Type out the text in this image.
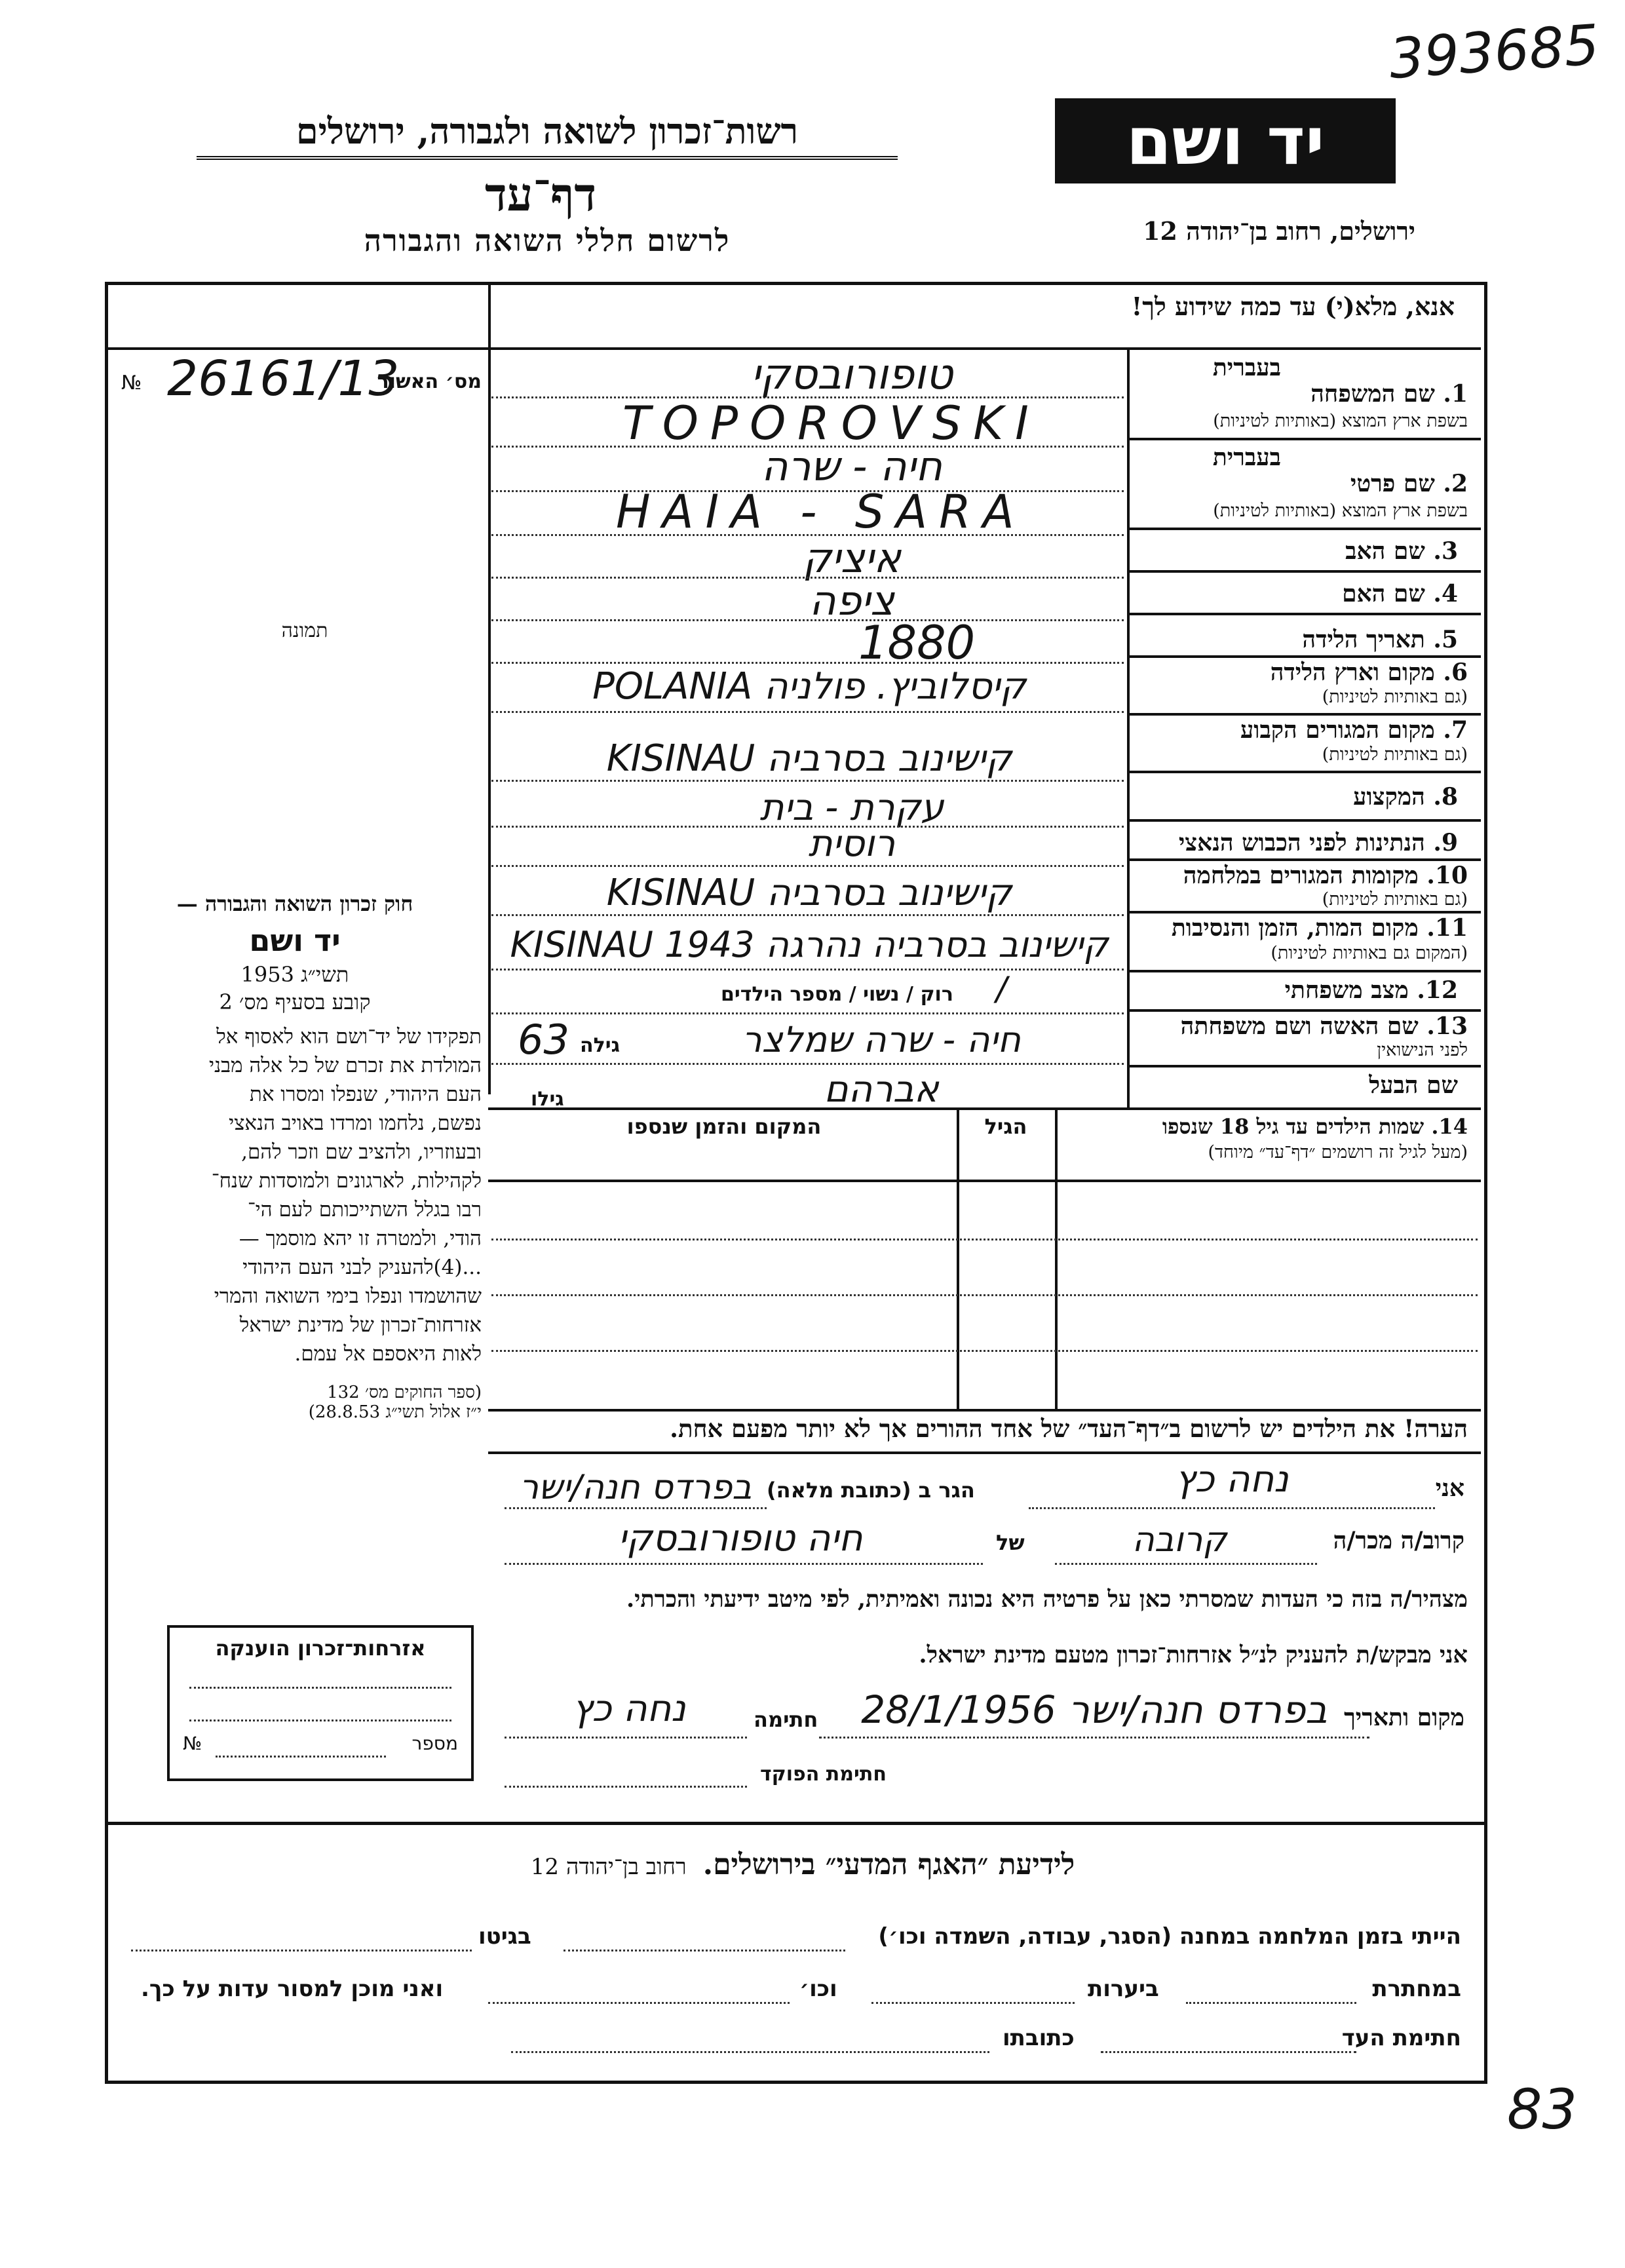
393685
רשות־זכרון לשואה ולגבורה, ירושלים
דף־עד
לרשום חללי השואה והגבורה
יד ושם
ירושלים, רחוב בן־יהודה 12
אנא, מלא(י) עד כמה שידוע לך!
מס׳ האשור
26161/13
№
תמונה
בעברית
1. שם המשפחה
בשפת ארץ המוצא (באותיות לטיניות)
טופורובסקי
TOPOROVSKI
בעברית
2. שם פרטי
בשפת ארץ המוצא (באותיות לטיניות)
חיה - שרה
HAIA - SARA
3. שם האב
איציק
4. שם האם
ציפה
5. תאריך הלידה
1880
6. מקום וארץ הלידה
(גם באותיות לטיניות)
קיסלוביץ. פולניה POLANIA
7. מקום המגורים הקבוע
(גם באותיות לטיניות)
קישינוב בסרביה KISINAU
8. המקצוע
עקרת - בית
9. הנתינות לפני הכבוש הנאצי
רוסית
10. מקומות המגורים במלחמה
(גם באותיות לטיניות)
קישינוב בסרביה KISINAU
11. מקום המות, הזמן והנסיבות
(המקום גם באותיות לטיניות)
קישינוב בסרביה נהרגה KISINAU 1943
12. מצב משפחתי
רוק / נשוי / מספר הילדים /
13. שם האשה ושם משפחתה
לפני הנישואין
גילה
63	חיה - שרה שמלצר
שם הבעל
גילו	אברהם
14. שמות הילדים עד גיל 18 שנספו
(מעל לגיל זה רושמים ״דף־עד״ מיוחד)
הגיל
המקום והזמן שנספו
חוק זכרון השואה והגבורה —
יד ושם
תשי״ג 1953
קובע בסעיף מס׳ 2
תפקידו של יד־ושם הוא לאסוף אל
המולדת את זכרם של כל אלה מבני
העם היהודי, שנפלו ומסרו את
נפשם, נלחמו ומרדו באויב הנאצי
ובעוזריו, ולהציב שם וזכר להם,
לקהילות, לארגונים ולמוסדות שנח־
רבו בגלל השתייכותם לעם הי־
הודי, ולמטרה זו יהא מוסמך —
...(4)להעניק לבני העם היהודי
שהושמדו ונפלו בימי השואה והמרי
אזרחות־זכרון של מדינת ישראל
לאות היאספם אל עמם.
(ספר החוקים מס׳ 132
י״ז אלול תשי״ג 28.8.53)
הערה! את הילדים יש לרשום ב״דף־העד״ של אחד ההורים אך לא יותר מפעם אחת.
אני
נחה כץ
הגר ב (כתובת מלאה)
בפרדס חנה/ישר
קרוב/ה מכר/ה
קרובה
של
חיה טופורובסקי
מצהיר/ה בזה כי העדות שמסרתי כאן על פרטיה היא נכונה ואמיתית, לפי מיטב ידיעתי והכרתי.
אני מבקש/ת להעניק לנ״ל אזרחות־זכרון מטעם מדינת ישראל.
מקום ותאריך
בפרדס חנה/ישר 28/1/1956
חתימה
נחה כץ
חתימת הפוקד
אזרחות־זכרון הוענקה
מספר
№
לידיעת ״האגף המדעי״ בירושלים. רחוב בן־יהודה 12
הייתי בזמן המלחמה במחנה (הסגר, עבודה, השמדה וכו׳)
בגיטו
במחתרת
ביערות
וכו׳
ואני מוכן למסור עדות על כך.
חתימת העד
כתובתו
83
